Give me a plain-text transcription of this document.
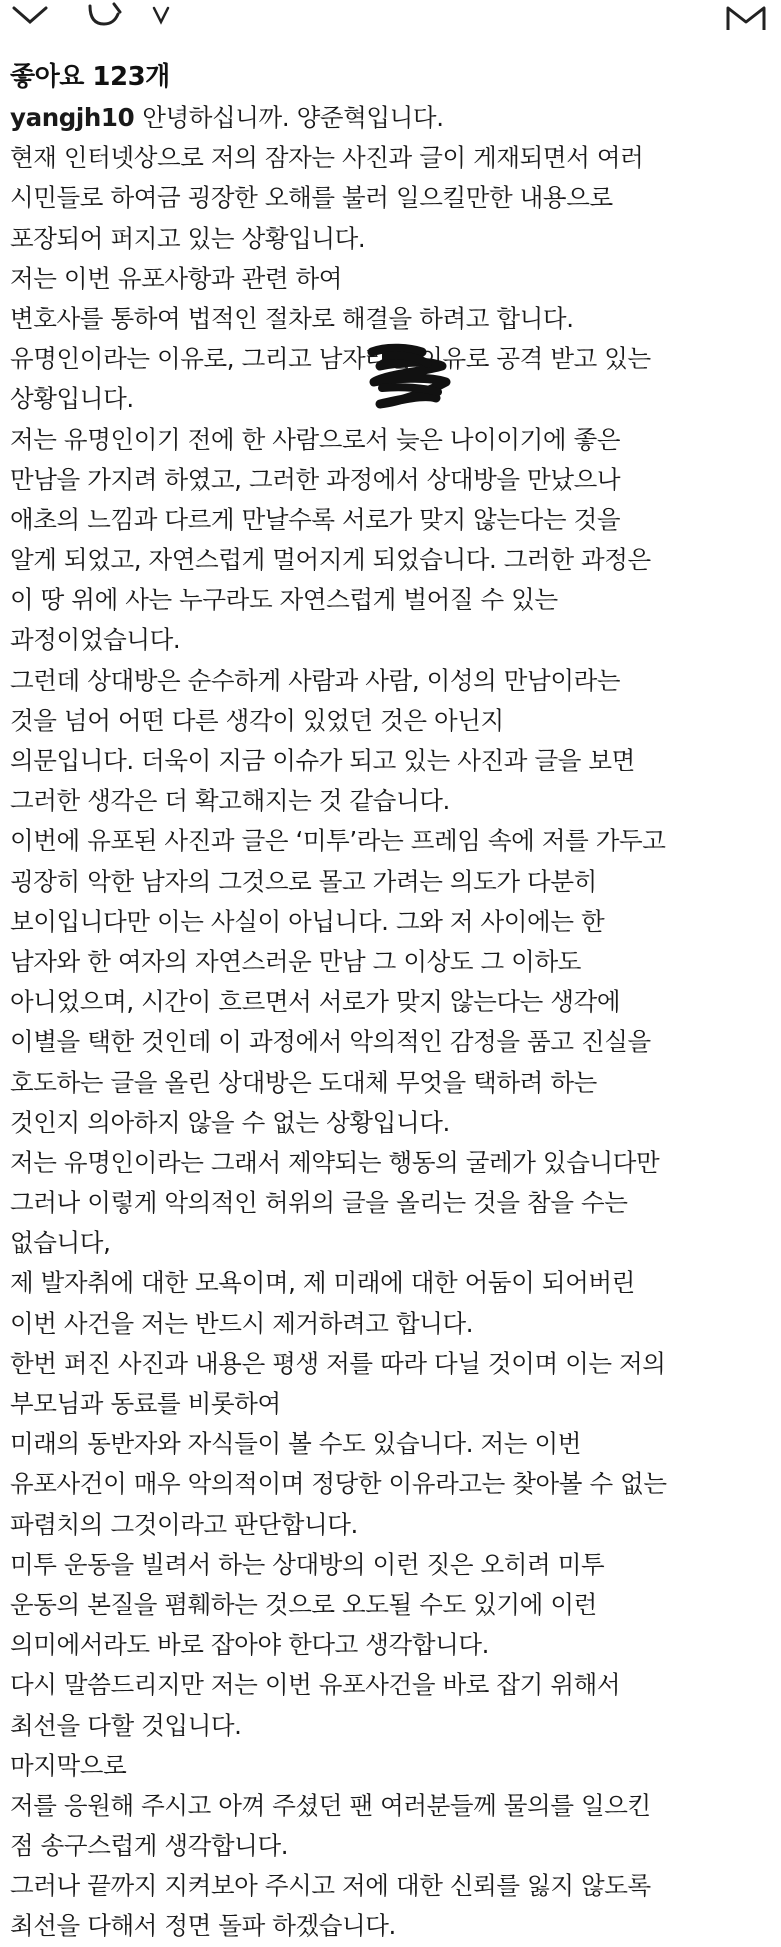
좋아요 123개
yangjh10 안녕하십니까. 양준혁입니다.
현재 인터넷상으로 저의 잠자는 사진과 글이 게재되면서 여러
시민들로 하여금 굉장한 오해를 불러 일으킬만한 내용으로
포장되어 퍼지고 있는 상황입니다.
저는 이번 유포사항과 관련 하여
변호사를 통하여 법적인 절차로 해결을 하려고 합니다.
유명인이라는 이유로, 그리고 남자라는 이유로 공격 받고 있는
상황입니다.
저는 유명인이기 전에 한 사람으로서 늦은 나이이기에 좋은
만남을 가지려 하였고, 그러한 과정에서 상대방을 만났으나
애초의 느낌과 다르게 만날수록 서로가 맞지 않는다는 것을
알게 되었고, 자연스럽게 멀어지게 되었습니다. 그러한 과정은
이 땅 위에 사는 누구라도 자연스럽게 벌어질 수 있는
과정이었습니다.
그런데 상대방은 순수하게 사람과 사람, 이성의 만남이라는
것을 넘어 어떤 다른 생각이 있었던 것은 아닌지
의문입니다. 더욱이 지금 이슈가 되고 있는 사진과 글을 보면
그러한 생각은 더 확고해지는 것 같습니다.
이번에 유포된 사진과 글은 ‘미투’라는 프레임 속에 저를 가두고
굉장히 악한 남자의 그것으로 몰고 가려는 의도가 다분히
보이입니다만 이는 사실이 아닙니다. 그와 저 사이에는 한
남자와 한 여자의 자연스러운 만남 그 이상도 그 이하도
아니었으며, 시간이 흐르면서 서로가 맞지 않는다는 생각에
이별을 택한 것인데 이 과정에서 악의적인 감정을 품고 진실을
호도하는 글을 올린 상대방은 도대체 무엇을 택하려 하는
것인지 의아하지 않을 수 없는 상황입니다.
저는 유명인이라는 그래서 제약되는 행동의 굴레가 있습니다만
그러나 이렇게 악의적인 허위의 글을 올리는 것을 참을 수는
없습니다,
제 발자취에 대한 모욕이며, 제 미래에 대한 어둠이 되어버린
이번 사건을 저는 반드시 제거하려고 합니다.
한번 퍼진 사진과 내용은 평생 저를 따라 다닐 것이며 이는 저의
부모님과 동료를 비롯하여
미래의 동반자와 자식들이 볼 수도 있습니다. 저는 이번
유포사건이 매우 악의적이며 정당한 이유라고는 찾아볼 수 없는
파렴치의 그것이라고 판단합니다.
미투 운동을 빌려서 하는 상대방의 이런 짓은 오히려 미투
운동의 본질을 폄훼하는 것으로 오도될 수도 있기에 이런
의미에서라도 바로 잡아야 한다고 생각합니다.
다시 말씀드리지만 저는 이번 유포사건을 바로 잡기 위해서
최선을 다할 것입니다.
마지막으로
저를 응원해 주시고 아껴 주셨던 팬 여러분들께 물의를 일으킨
점 송구스럽게 생각합니다.
그러나 끝까지 지켜보아 주시고 저에 대한 신뢰를 잃지 않도록
최선을 다해서 정면 돌파 하겠습니다.
